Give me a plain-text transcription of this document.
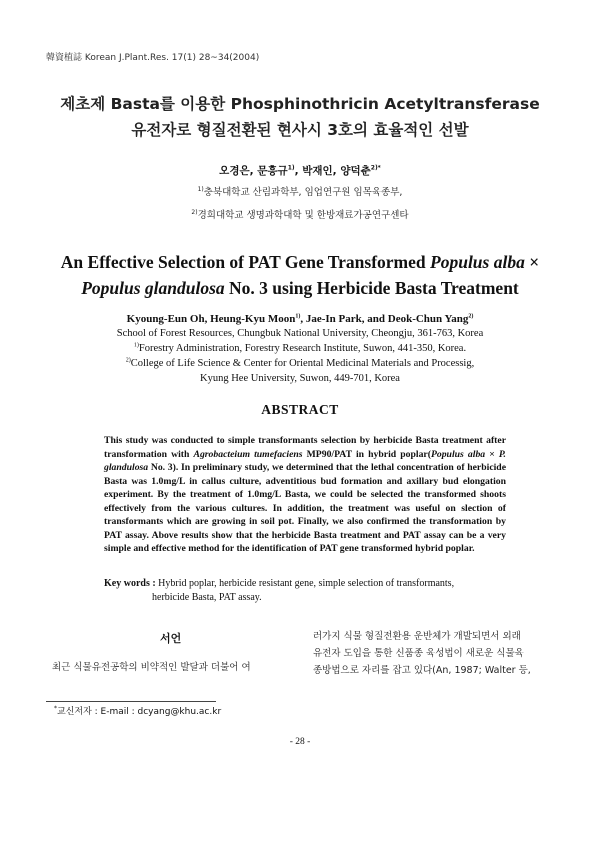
韓資植誌 Korean J.Plant.Res. 17(1) 28~34(2004)
제초제 Basta를 이용한 Phosphinothricin Acetyltransferase
유전자로 형질전환된 현사시 3호의 효율적인 선발
오경은, 문흥규$^{1)}$, 박재인, 양덕춘$^{2)*}$
$^{1)}$충북대학교 산림과학부, 임업연구원 임목육종부,
$^{2)}$경희대학교 생명과학대학 및 한방재료가공연구센타
An Effective Selection of PAT Gene Transformed Populus alba ×
Populus glandulosa No. 3 using Herbicide Basta Treatment
Kyoung-Eun Oh, Heung-Kyu Moon$^{1)}$, Jae-In Park, and Deok-Chun Yang$^{2)}$
School of Forest Resources, Chungbuk National University, Cheongju, 361-763, Korea
$^{1)}$Forestry Administration, Forestry Research Institute, Suwon, 441-350, Korea.
$^{2)}$College of Life Science & Center for Oriental Medicinal Materials and Processig,
Kyung Hee University, Suwon, 449-701, Korea
ABSTRACT
This study was conducted to simple transformants selection by herbicide Basta treatment after transformation with Agrobacteium tumefaciens MP90/PAT in hybrid poplar(Populus alba × P. glandulosa No. 3). In preliminary study, we determined that the lethal concentration of herbicide Basta was 1.0mg/L in callus culture, adventitious bud formation and axillary bud elongation experiment. By the treatment of 1.0mg/L Basta, we could be selected the transformed shoots effectively from the various cultures. In addition, the treatment was useful on slection of transformants which are growing in soil pot. Finally, we also confirmed the transformation by PAT assay. Above results show that the herbicide Basta treatment and PAT assay can be a very simple and effective method for the identification of PAT gene transformed hybrid poplar.
Key words : Hybrid poplar, herbicide resistant gene, simple selection of transformants,
herbicide Basta, PAT assay.
서언
최근 식물유전공학의 비약적인 발달과 더불어 여
러가지 식물 형질전환용 운반체가 개발되면서 외래
유전자 도입을 통한 신품종 육성법이 새로운 식물육
종방법으로 자리를 잡고 있다(An, 1987; Walter 등,
*교신저자 : E-mail : dcyang@khu.ac.kr
- 28 -
